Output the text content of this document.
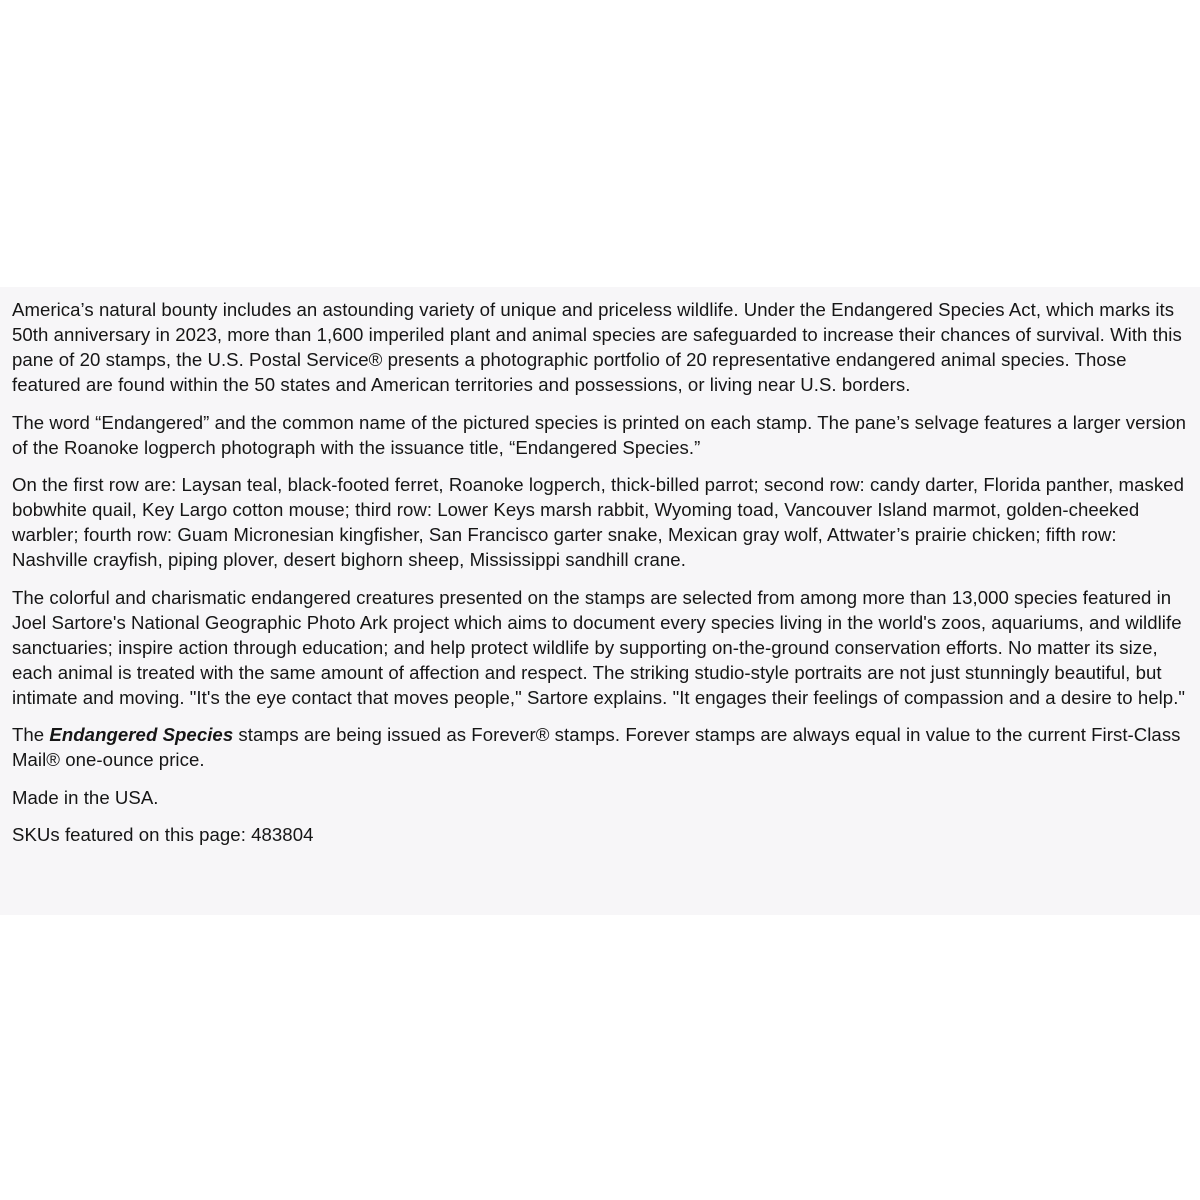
America’s natural bounty includes an astounding variety of unique and priceless wildlife. Under the Endangered Species Act, which marks its 50th anniversary in 2023, more than 1,600 imperiled plant and animal species are safeguarded to increase their chances of survival. With this pane of 20 stamps, the U.S. Postal Service® presents a photographic portfolio of 20 representative endangered animal species. Those featured are found within the 50 states and American territories and possessions, or living near U.S. borders.

The word “Endangered” and the common name of the pictured species is printed on each stamp. The pane’s selvage features a larger version of the Roanoke logperch photograph with the issuance title, “Endangered Species.”

On the first row are: Laysan teal, black-footed ferret, Roanoke logperch, thick-billed parrot; second row: candy darter, Florida panther, masked bobwhite quail, Key Largo cotton mouse; third row: Lower Keys marsh rabbit, Wyoming toad, Vancouver Island marmot, golden-cheeked warbler; fourth row: Guam Micronesian kingfisher, San Francisco garter snake, Mexican gray wolf, Attwater’s prairie chicken; fifth row: Nashville crayfish, piping plover, desert bighorn sheep, Mississippi sandhill crane.

The colorful and charismatic endangered creatures presented on the stamps are selected from among more than 13,000 species featured in Joel Sartore's National Geographic Photo Ark project which aims to document every species living in the world's zoos, aquariums, and wildlife sanctuaries; inspire action through education; and help protect wildlife by supporting on-the-ground conservation efforts. No matter its size, each animal is treated with the same amount of affection and respect. The striking studio-style portraits are not just stunningly beautiful, but intimate and moving. "It's the eye contact that moves people," Sartore explains. "It engages their feelings of compassion and a desire to help."

The Endangered Species stamps are being issued as Forever® stamps. Forever stamps are always equal in value to the current First-Class Mail® one-ounce price.

Made in the USA.

SKUs featured on this page: 483804
